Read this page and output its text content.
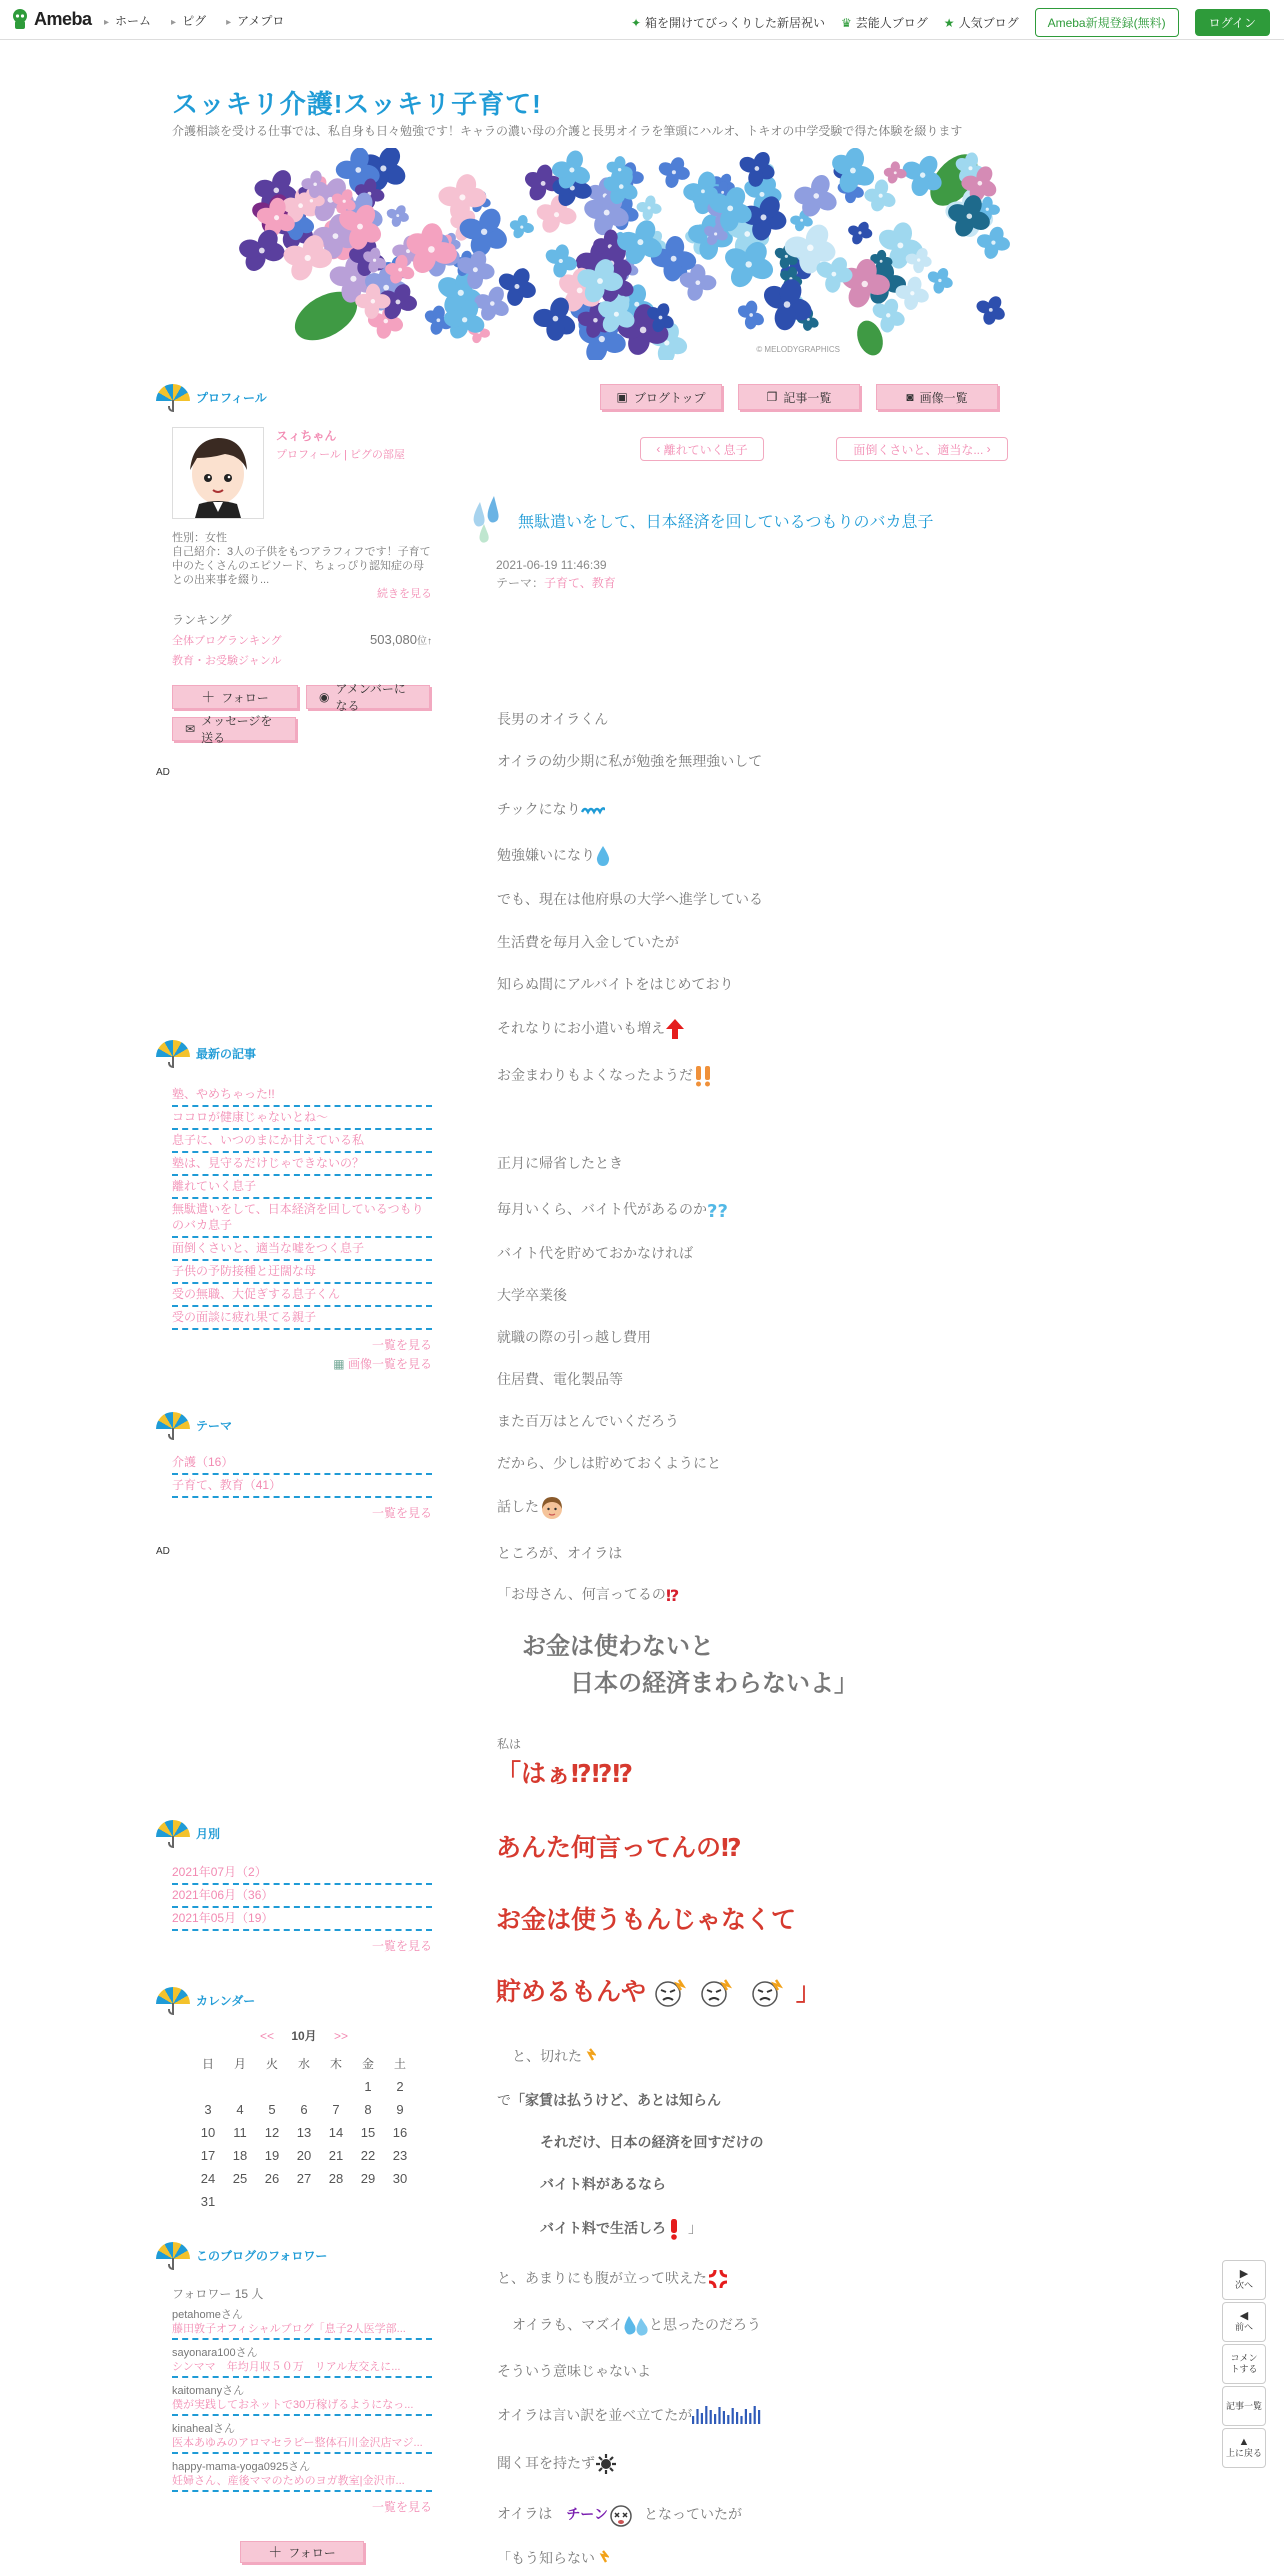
Ameba	▸ ホーム	▸ ピグ	▸ アメプロ	✦ 箱を開けてびっくりした新居祝い ♛ 芸能人ブログ ★ 人気ブログ	Ameba新規登録(無料)	ログイン
スッキリ介護!スッキリ子育て!
介護相談を受ける仕事では、私自身も日々勉強です！キャラの濃い母の介護と長男オイラを筆頭にハルオ、トキオの中学受験で得た体験を綴ります
© MELODYGRAPHICS
▣ ブログトップ	❐ 記事一覧	◙ 画像一覧
‹ 離れていく息子	面倒くさいと、適当な... ›
プロフィール
スィちゃん
プロフィール | ピグの部屋
性別：女性
自己紹介：3人の子供をもつアラフィフです！子育て中のたくさんのエピソード、ちょっぴり認知症の母との出来事を綴り...
続きを見る
ランキング
全体ブログランキング	503,080位↑
教育・お受験ジャンル
＋ フォロー	◉
アメンバーになる
✉
メッセージを送る
AD
最新の記事
塾、やめちゃった!!
ココロが健康じゃないとね～
息子に、いつのまにか甘えている私
塾は、見守るだけじゃできないの？
離れていく息子
無駄遣いをして、日本経済を回しているつもりのバカ息子
面倒くさいと、適当な嘘をつく息子
子供の予防接種と迂闊な母
受の無職、大促ぎする息子くん
受の面談に疲れ果てる親子
一覧を見る
▦ 画像一覧を見る
テーマ
介護（16）
子育て、教育（41）
一覧を見る
AD
月別
2021年07月（2）
2021年06月（36）
2021年05月（19）
一覧を見る
カレンダー
<< 10月 >>
日	月	火	水	木	金	土
					1	2
3	4	5	6	7	8	9
10	11	12	13	14	15	16
17	18	19	20	21	22	23
24	25	26	27	28	29	30
31						
このブログのフォロワー
フォロワー 15 人
petahomeさん
藤田敦子オフィシャルブログ「息子2人医学部...
sayonara100さん
シンママ　年均月収５０万　リアル友交えに...
kaitomanyさん
僕が実践しておネットで30万稼げるようになっ...
kinahealさん
医本あゆみのアロマセラピー整体石川金沢店マジ...
happy-mama-yoga0925さん
妊婦さん、産後ママのためのヨガ教室|金沢市...
一覧を見る
＋ フォロー
無駄遣いをして、日本経済を回しているつもりのバカ息子
2021-06-19 11:46:39
テーマ：子育て、教育
長男のオイラくん
オイラの幼少期に私が勉強を無理強いして
チックになり
勉強嫌いになり
でも、現在は他府県の大学へ進学している
生活費を毎月入金していたが
知らぬ間にアルバイトをはじめており
それなりにお小遣いも増え
お金まわりもよくなったようだ
正月に帰省したとき
毎月いくら、バイト代があるのか ??
バイト代を貯めておかなければ
大学卒業後
就職の際の引っ越し費用
住居費、電化製品等
また百万はとんでいくだろう
だから、少しは貯めておくようにと
話した
ところが、オイラは
「お母さん、何言ってるの ⁉
お金は使わないと
日本の経済まわらないよ」
私は
「はぁ⁉⁉⁉
あんた何言ってんの⁉
お金は使うもんじゃなくて
貯めるもんや	」
と、切れた
で「家賃は払うけど、あとは知らん
それだけ、日本の経済を回すだけの
バイト料があるなら
バイト料で生活しろ 」
と、あまりにも腹が立って吠えた
オイラも、マズイ と思ったのだろう
そういう意味じゃないよ
オイラは言い訳を並べ立てたが
聞く耳を持たず
オイラは チーン	となっていたが
「もう知らない
▶
次へ
◀
前へ
コメントする
記事一覧
▲
上に戻る
